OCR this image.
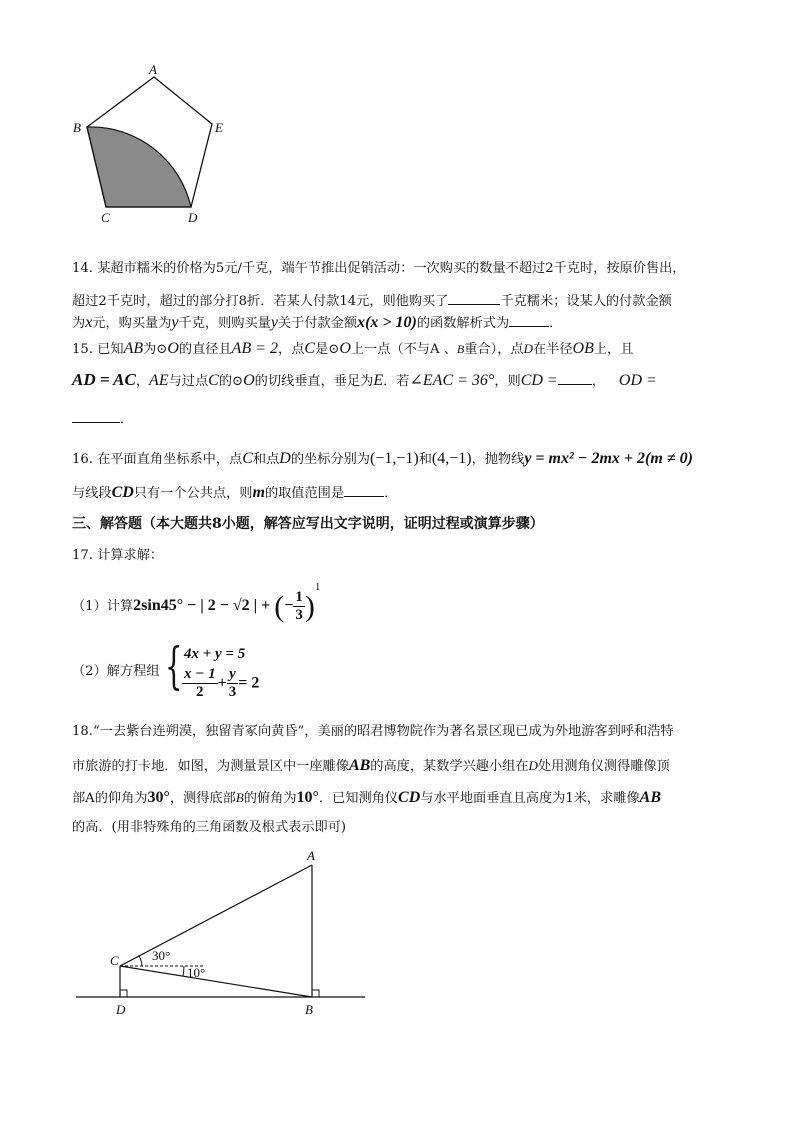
A
B	E
C	D
14. 某超市糯米的价格为5元/千克，端午节推出促销活动：一次购买的数量不超过2千克时，按原价售出，
超过2千克时，超过的部分打8折．若某人付款14元，则他购买了	千克糯米；设某人的付款金额
为x元，购买量为y千克，则购买量y关于付款金额x(x > 10)的函数解析式为	．
15. 已知AB为⊙O的直径且AB = 2，点C是⊙O上一点（不与A 、B重合），点D在半径OB上，且
AD = AC，AE与过点C的⊙O的切线垂直，垂足为E．若∠EAC = 36°，则CD =	， OD =
．
16. 在平面直角坐标系中，点C和点D的坐标分别为(−1,−1)和(4,−1)，抛物线y = mx² − 2mx + 2(m ≠ 0)
与线段CD只有一个公共点，则m的取值范围是	．
三、解答题（本大题共8小题，解答应写出文字说明，证明过程或演算步骤）
17. 计算求解：
（1）计算2sin45° − | 2 − √2 | + (− $\frac{1}{3} )1$
（2）解方程组 { 4x + y = 5
$\frac{x - 1}{2} + \frac{y}{3} = 2$
18.“一去紫台连朔漠，独留青冢向黄昏”，美丽的昭君博物院作为著名景区现已成为外地游客到呼和浩特
市旅游的打卡地．如图，为测量景区中一座雕像AB的高度，某数学兴趣小组在D处用测角仪测得雕像顶
部A的仰角为30°，测得底部B的俯角为10°．已知测角仪CD与水平地面垂直且高度为1米，求雕像AB
的高．(用非特殊角的三角函数及根式表示即可)
A
C
D	B
30°
10°
